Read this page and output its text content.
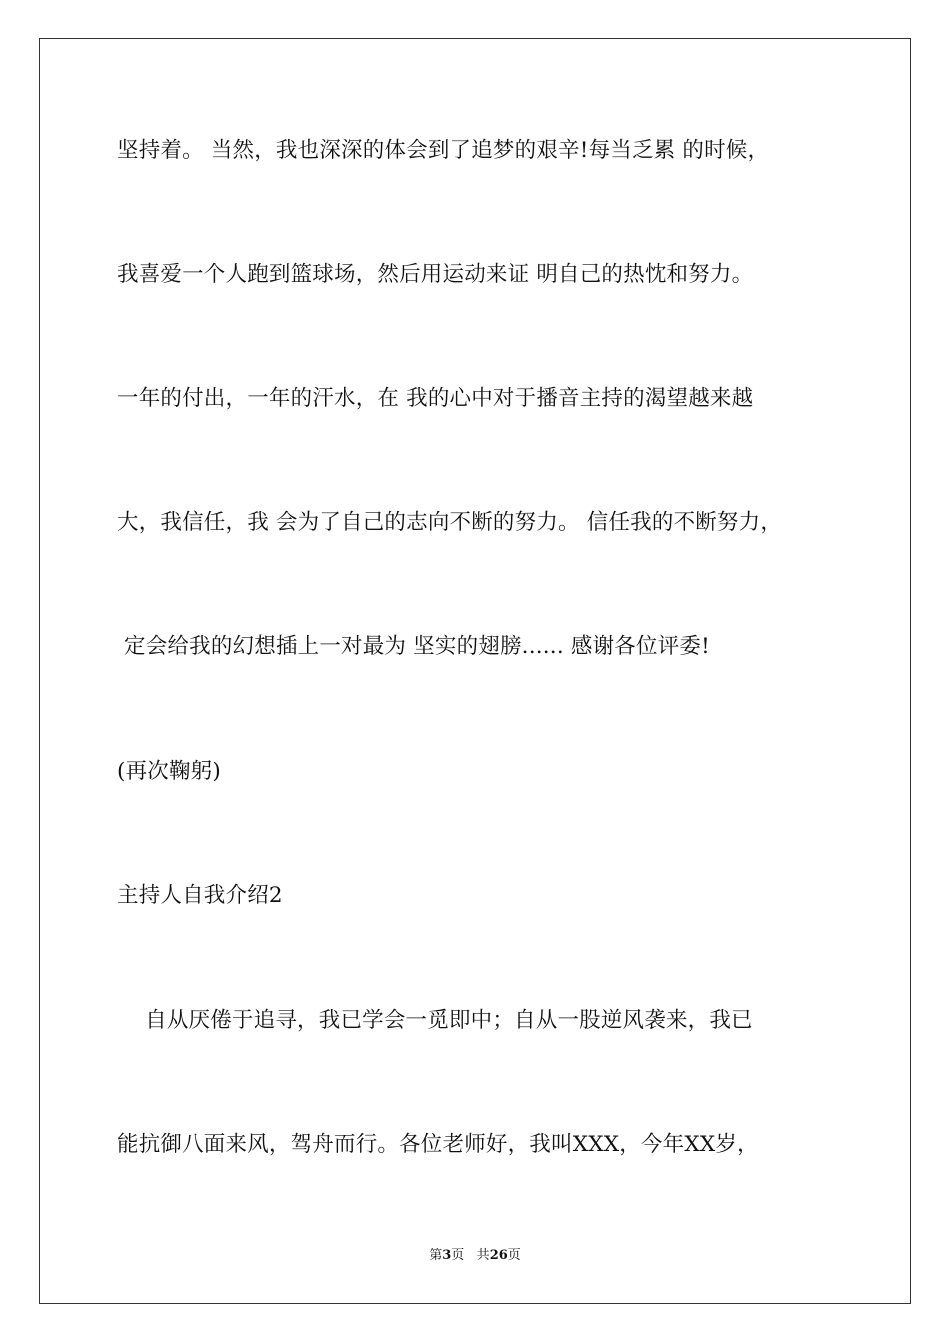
坚持着。 当然，我也深深的体会到了追梦的艰辛!每当乏累 的时候，
我喜爱一个人跑到篮球场，然后用运动来证 明自己的热忱和努力。
一年的付出，一年的汗水，在 我的心中对于播音主持的渴望越来越
大，我信任，我 会为了自己的志向不断的努力。 信任我的不断努力，
定会给我的幻想插上一对最为 坚实的翅膀...... 感谢各位评委!
(再次鞠躬)
主持人自我介绍2
自从厌倦于追寻，我已学会一觅即中；自从一股逆风袭来，我已
能抗御八面来风，驾舟而行。各位老师好，我叫XXX，今年XX岁，
第3页 共26页
